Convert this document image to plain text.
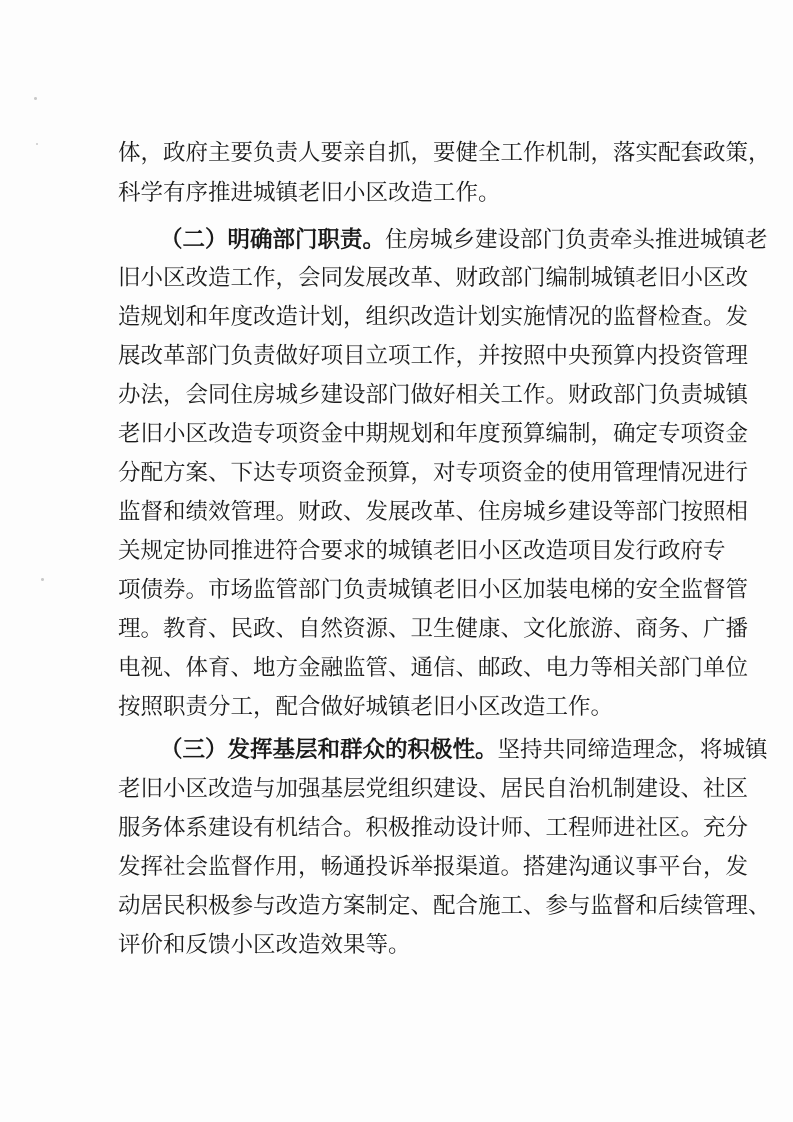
体，政府主要负责人要亲自抓，要健全工作机制，落实配套政策，
科学有序推进城镇老旧小区改造工作。
（二）明确部门职责。住房城乡建设部门负责牵头推进城镇老
旧小区改造工作，会同发展改革、财政部门编制城镇老旧小区改
造规划和年度改造计划，组织改造计划实施情况的监督检查。发
展改革部门负责做好项目立项工作，并按照中央预算内投资管理
办法，会同住房城乡建设部门做好相关工作。财政部门负责城镇
老旧小区改造专项资金中期规划和年度预算编制，确定专项资金
分配方案、下达专项资金预算，对专项资金的使用管理情况进行
监督和绩效管理。财政、发展改革、住房城乡建设等部门按照相
关规定协同推进符合要求的城镇老旧小区改造项目发行政府专
项债券。市场监管部门负责城镇老旧小区加装电梯的安全监督管
理。教育、民政、自然资源、卫生健康、文化旅游、商务、广播
电视、体育、地方金融监管、通信、邮政、电力等相关部门单位
按照职责分工，配合做好城镇老旧小区改造工作。
（三）发挥基层和群众的积极性。坚持共同缔造理念，将城镇
老旧小区改造与加强基层党组织建设、居民自治机制建设、社区
服务体系建设有机结合。积极推动设计师、工程师进社区。充分
发挥社会监督作用，畅通投诉举报渠道。搭建沟通议事平台，发
动居民积极参与改造方案制定、配合施工、参与监督和后续管理、
评价和反馈小区改造效果等。
